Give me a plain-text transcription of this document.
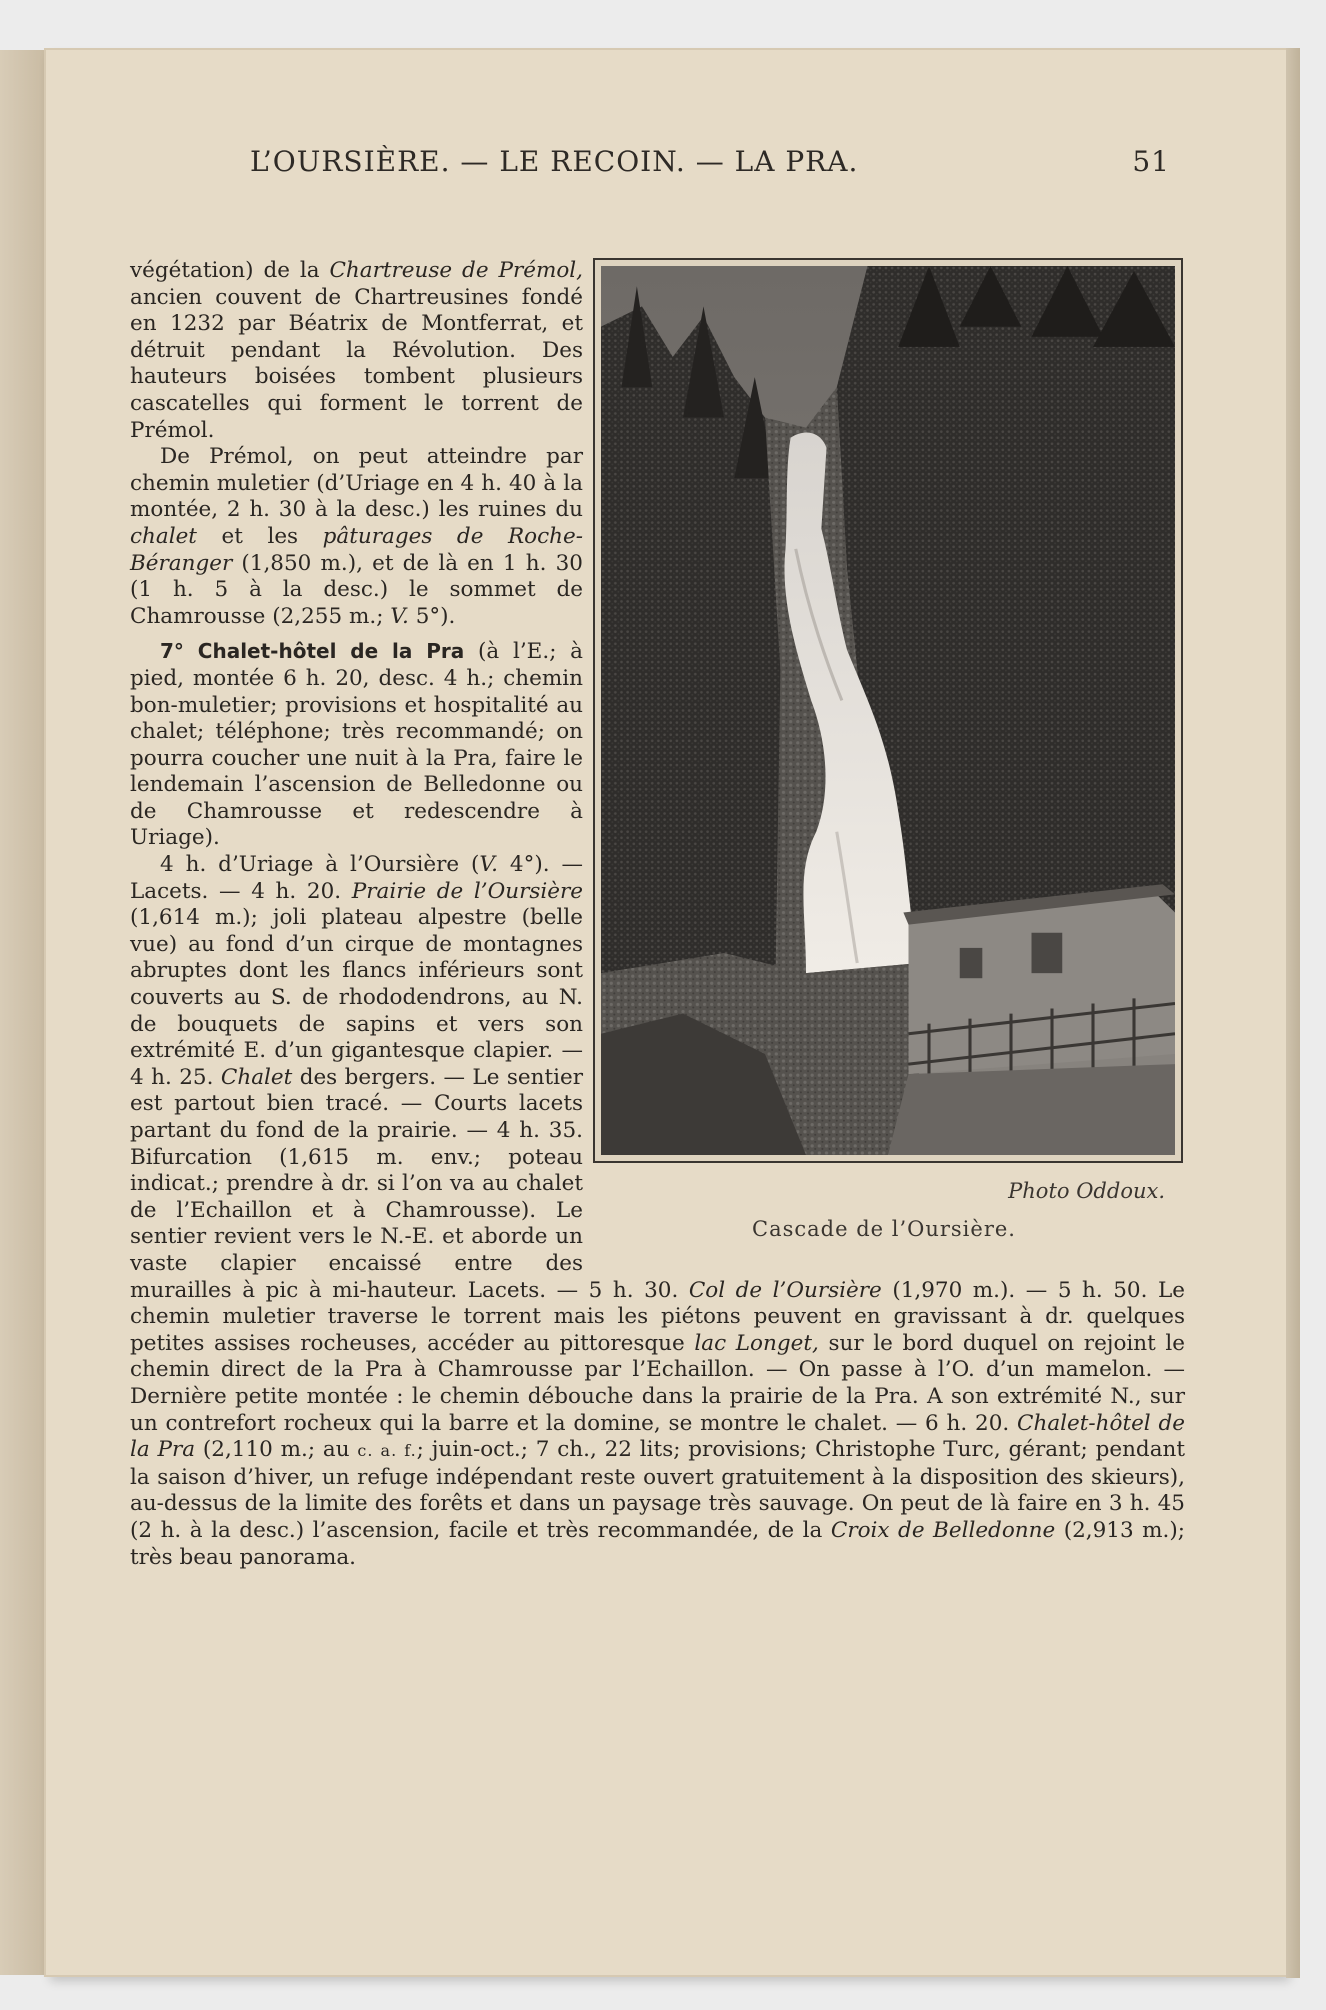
L’OURSIÈRE. — LE RECOIN. — LA PRA.	51
Photo Oddoux.
Cascade de l’Oursière.

végétation) de la Chartreuse de Prémol, ancien couvent de Chartreusines fondé en 1232 par Béatrix de Montferrat, et détruit pendant la Révolution. Des hauteurs boisées tombent plusieurs cascatelles qui forment le torrent de Prémol.

De Prémol, on peut atteindre par chemin muletier (d’Uriage en 4 h. 40 à la montée, 2 h. 30 à la desc.) les ruines du chalet et les pâturages de Roche-Béranger (1,850 m.), et de là en 1 h. 30 (1 h. 5 à la desc.) le sommet de Chamrousse (2,255 m.; V. 5°).

7° Chalet-hôtel de la Pra (à l’E.; à pied, montée 6 h. 20, desc. 4 h.; chemin bon-muletier; provisions et hospitalité au chalet; téléphone; très recommandé; on pourra coucher une nuit à la Pra, faire le lendemain l’ascension de Belledonne ou de Chamrousse et redescendre à Uriage).

4 h. d’Uriage à l’Oursière (V. 4°). — Lacets. — 4 h. 20. Prairie de l’Oursière (1,614 m.); joli plateau alpestre (belle vue) au fond d’un cirque de montagnes abruptes dont les flancs inférieurs sont couverts au S. de rhododendrons, au N. de bouquets de sapins et vers son extrémité E. d’un gigantesque clapier. — 4 h. 25. Chalet des bergers. — Le sentier est partout bien tracé. — Courts lacets partant du fond de la prairie. — 4 h. 35. Bifurcation (1,615 m. env.; poteau indicat.; prendre à dr. si l’on va au chalet de l’Echaillon et à Chamrousse). Le sentier revient vers le N.-E. et aborde un vaste clapier encaissé entre des murailles à pic à mi-hauteur. Lacets. — 5 h. 30. Col de l’Oursière (1,970 m.). — 5 h. 50. Le chemin muletier traverse le torrent mais les piétons peuvent en gravissant à dr. quelques petites assises rocheuses, accéder au pittoresque lac Longet, sur le bord duquel on rejoint le chemin direct de la Pra à Chamrousse par l’Echaillon. — On passe à l’O. d’un mamelon. — Dernière petite montée : le chemin débouche dans la prairie de la Pra. A son extrémité N., sur un contrefort rocheux qui la barre et la domine, se montre le chalet. — 6 h. 20. Chalet-hôtel de la Pra (2,110 m.; au c. a. f.; juin-oct.; 7 ch., 22 lits; provisions; Christophe Turc, gérant; pendant la saison d’hiver, un refuge indépendant reste ouvert gratuitement à la disposition des skieurs), au-dessus de la limite des forêts et dans un paysage très sauvage. On peut de là faire en 3 h. 45 (2 h. à la desc.) l’ascension, facile et très recommandée, de la Croix de Belledonne (2,913 m.); très beau panorama.
